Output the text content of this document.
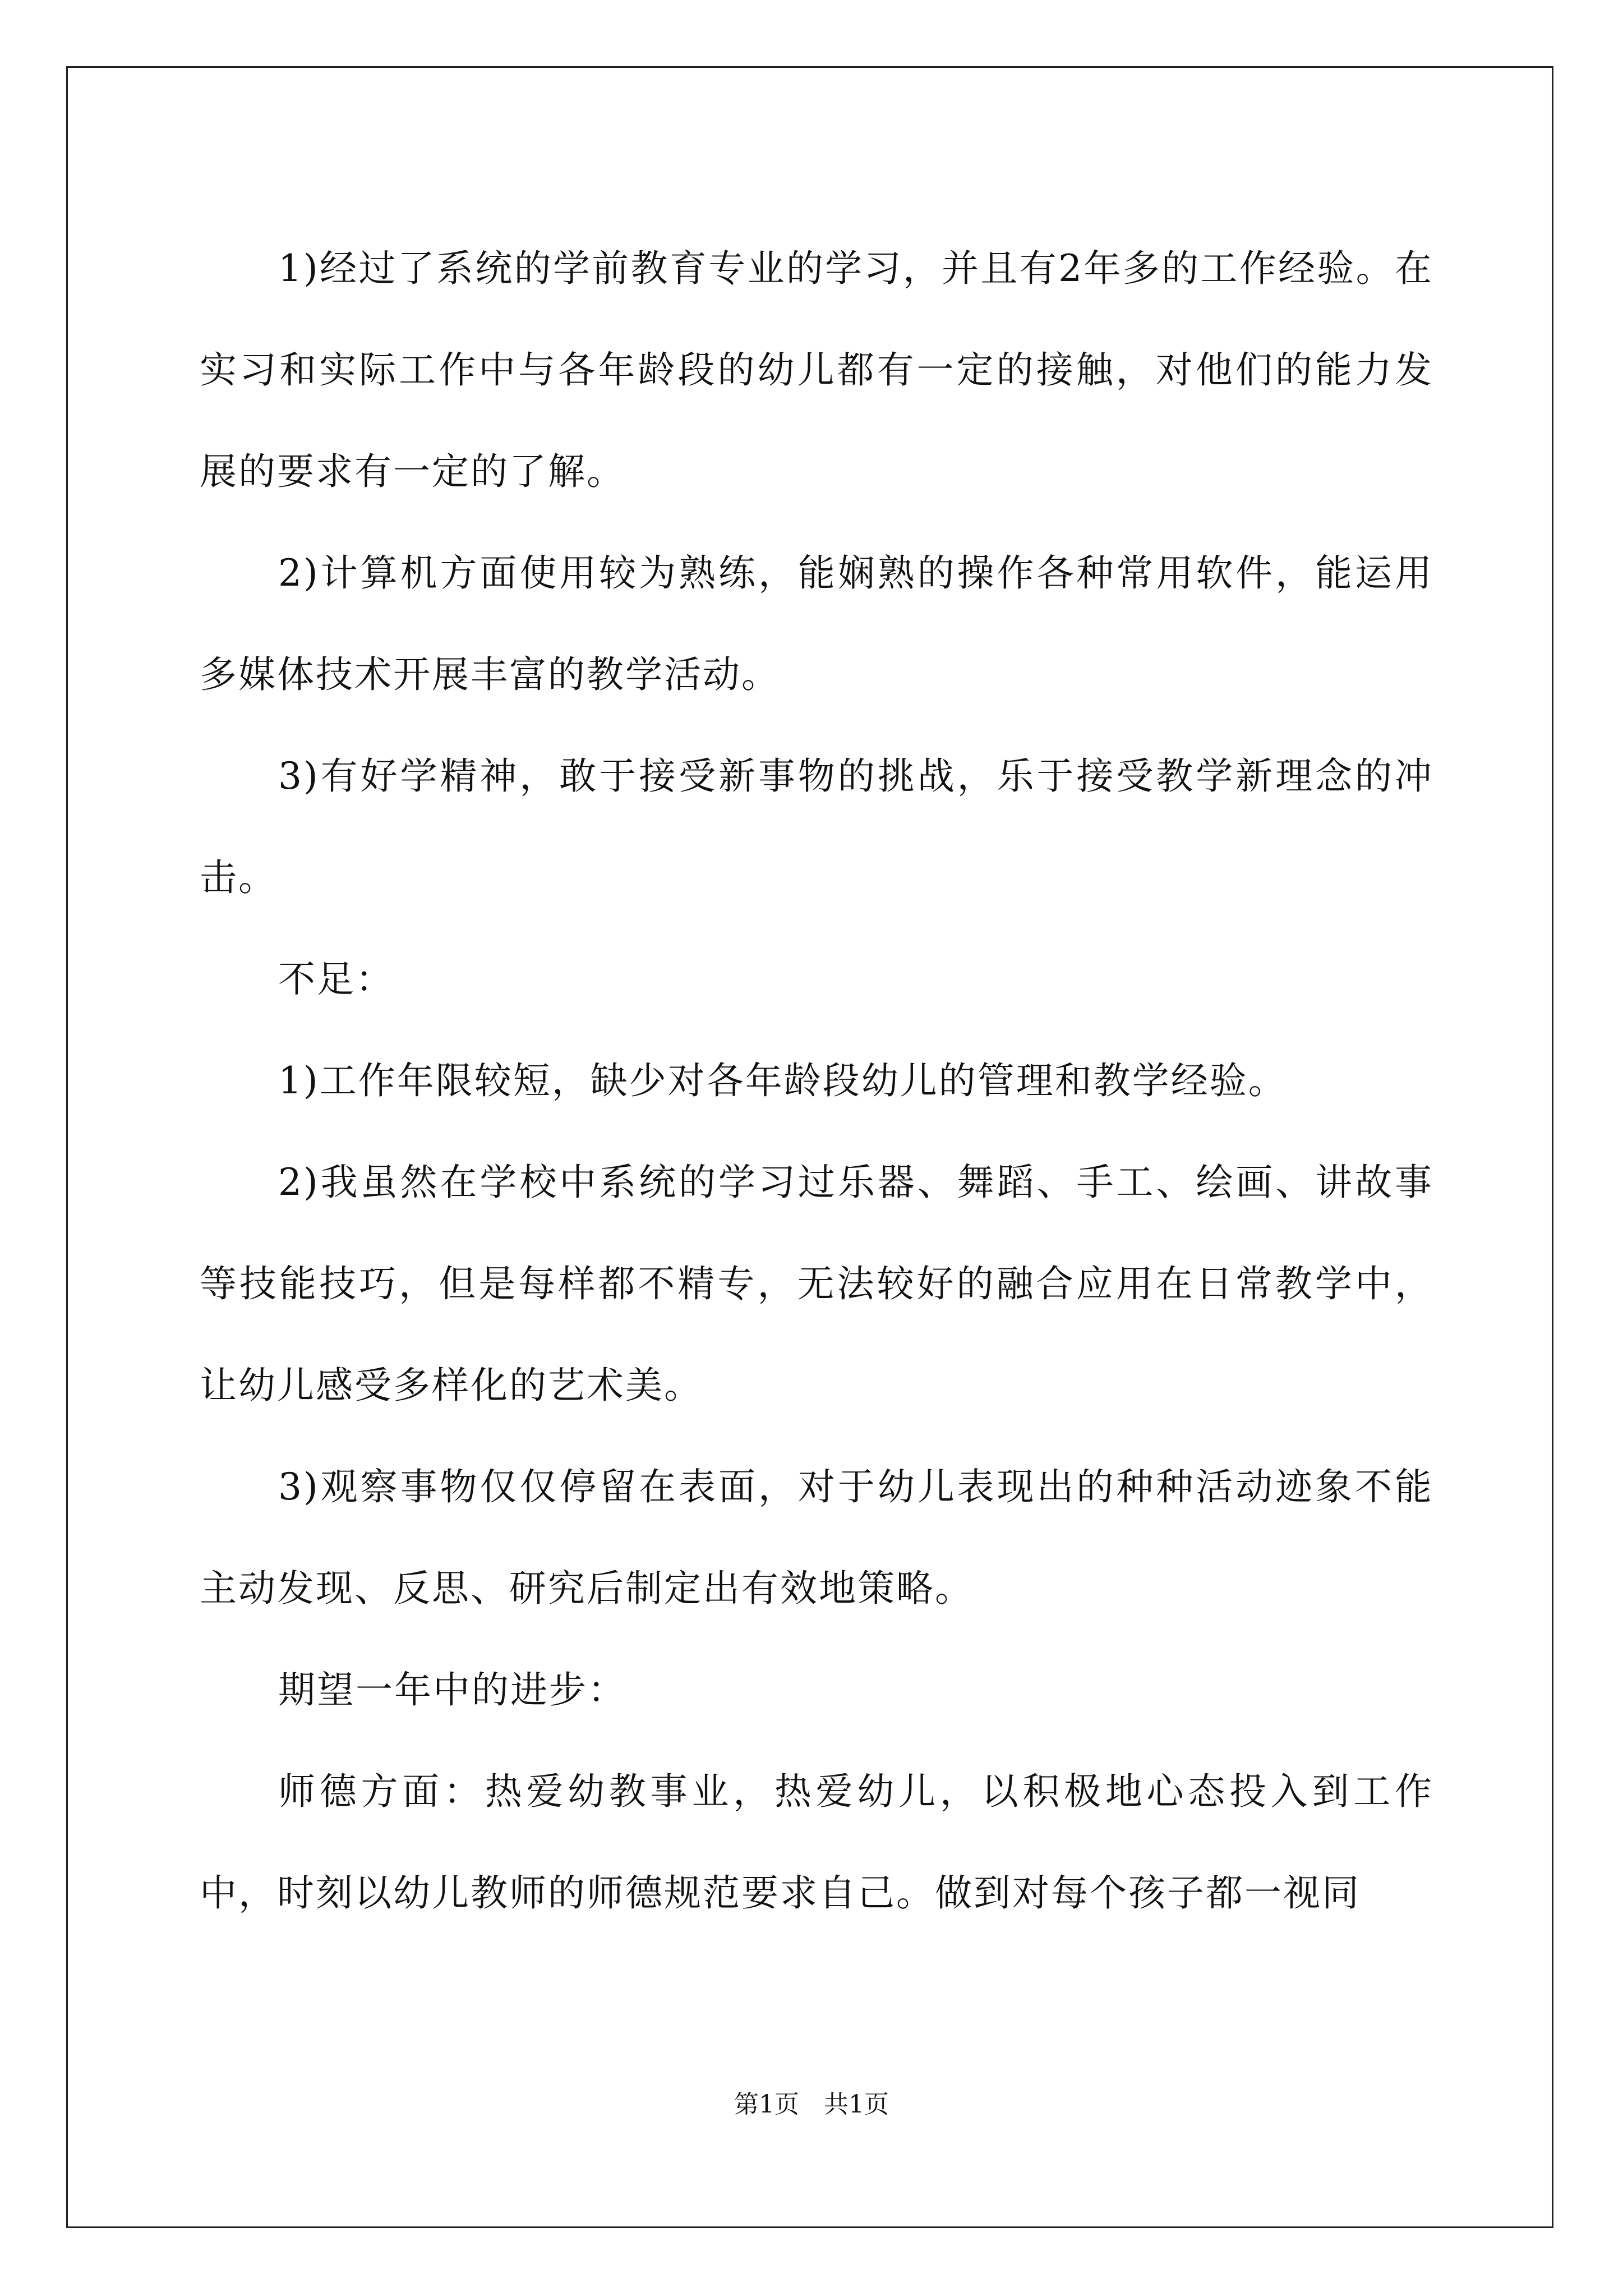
1)经过了系统的学前教育专业的学习，并且有2年多的工作经验。在实习和实际工作中与各年龄段的幼儿都有一定的接触，对他们的能力发展的要求有一定的了解。

2)计算机方面使用较为熟练，能娴熟的操作各种常用软件，能运用多媒体技术开展丰富的教学活动。

3)有好学精神，敢于接受新事物的挑战，乐于接受教学新理念的冲击。

不足：

1)工作年限较短，缺少对各年龄段幼儿的管理和教学经验。

2)我虽然在学校中系统的学习过乐器、舞蹈、手工、绘画、讲故事等技能技巧，但是每样都不精专，无法较好的融合应用在日常教学中，让幼儿感受多样化的艺术美。

3)观察事物仅仅停留在表面，对于幼儿表现出的种种活动迹象不能主动发现、反思、研究后制定出有效地策略。

期望一年中的进步：

师德方面：热爱幼教事业，热爱幼儿，以积极地心态投入到工作中，时刻以幼儿教师的师德规范要求自己。做到对每个孩子都一视同

第1页　共1页
